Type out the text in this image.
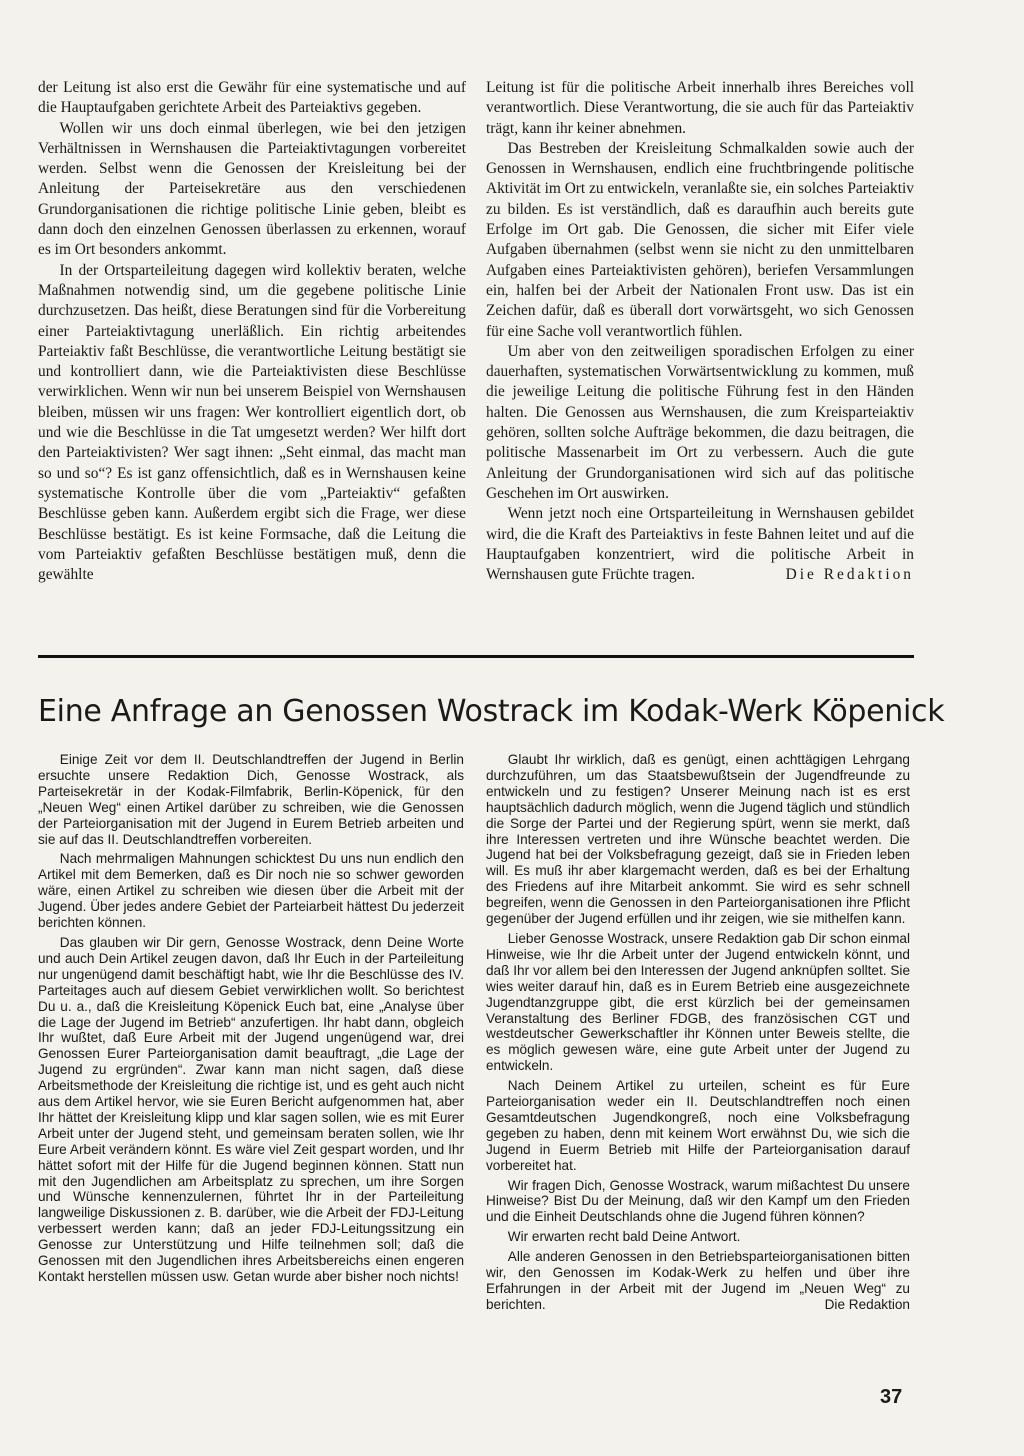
der Leitung ist also erst die Gewähr für eine systematische und auf die Hauptaufgaben gerichtete Arbeit des Parteiaktivs gegeben.

Wollen wir uns doch einmal überlegen, wie bei den jetzigen Verhältnissen in Wernshausen die Parteiaktivtagungen vorbereitet werden. Selbst wenn die Genossen der Kreisleitung bei der Anleitung der Parteisekretäre aus den verschiedenen Grundorganisationen die richtige politische Linie geben, bleibt es dann doch den einzelnen Genossen überlassen zu erkennen, worauf es im Ort besonders ankommt.

In der Ortsparteileitung dagegen wird kollektiv beraten, welche Maßnahmen notwendig sind, um die gegebene politische Linie durchzusetzen. Das heißt, diese Beratungen sind für die Vorbereitung einer Parteiaktivtagung unerläßlich. Ein richtig arbeitendes Parteiaktiv faßt Beschlüsse, die verantwortliche Leitung bestätigt sie und kontrolliert dann, wie die Parteiaktivisten diese Beschlüsse verwirklichen. Wenn wir nun bei unserem Beispiel von Wernshausen bleiben, müssen wir uns fragen: Wer kontrolliert eigentlich dort, ob und wie die Beschlüsse in die Tat umgesetzt werden? Wer hilft dort den Parteiaktivisten? Wer sagt ihnen: „Seht einmal, das macht man so und so“? Es ist ganz offensichtlich, daß es in Wernshausen keine systematische Kontrolle über die vom „Parteiaktiv“ gefaßten Beschlüsse geben kann. Außerdem ergibt sich die Frage, wer diese Beschlüsse bestätigt. Es ist keine Formsache, daß die Leitung die vom Parteiaktiv gefaßten Beschlüsse bestätigen muß, denn die gewählte

Leitung ist für die politische Arbeit innerhalb ihres Bereiches voll verantwortlich. Diese Verantwortung, die sie auch für das Parteiaktiv trägt, kann ihr keiner abnehmen.

Das Bestreben der Kreisleitung Schmalkalden sowie auch der Genossen in Wernshausen, endlich eine fruchtbringende politische Aktivität im Ort zu entwickeln, veranlaßte sie, ein solches Parteiaktiv zu bilden. Es ist verständlich, daß es daraufhin auch bereits gute Erfolge im Ort gab. Die Genossen, die sicher mit Eifer viele Aufgaben übernahmen (selbst wenn sie nicht zu den unmittelbaren Aufgaben eines Parteiaktivisten gehören), beriefen Versammlungen ein, halfen bei der Arbeit der Nationalen Front usw. Das ist ein Zeichen dafür, daß es überall dort vorwärtsgeht, wo sich Genossen für eine Sache voll verantwortlich fühlen.

Um aber von den zeitweiligen sporadischen Erfolgen zu einer dauerhaften, systematischen Vorwärtsentwicklung zu kommen, muß die jeweilige Leitung die politische Führung fest in den Händen halten. Die Genossen aus Wernshausen, die zum Kreisparteiaktiv gehören, sollten solche Aufträge bekommen, die dazu beitragen, die politische Massenarbeit im Ort zu verbessern. Auch die gute Anleitung der Grundorganisationen wird sich auf das politische Geschehen im Ort auswirken.

Wenn jetzt noch eine Ortsparteileitung in Wernshausen gebildet wird, die die Kraft des Parteiaktivs in feste Bahnen leitet und auf die Hauptaufgaben konzentriert, wird die politische Arbeit in Wernshausen gute Früchte tragen.	Die Redaktion

Eine Anfrage an Genossen Wostrack im Kodak-Werk Köpenick

Einige Zeit vor dem II. Deutschlandtreffen der Jugend in Berlin ersuchte unsere Redaktion Dich, Genosse Wostrack, als Parteisekretär in der Kodak-Filmfabrik, Berlin-Köpenick, für den „Neuen Weg“ einen Artikel darüber zu schreiben, wie die Genossen der Parteiorganisation mit der Jugend in Eurem Betrieb arbeiten und sie auf das II. Deutschlandtreffen vorbereiten.

Nach mehrmaligen Mahnungen schicktest Du uns nun endlich den Artikel mit dem Bemerken, daß es Dir noch nie so schwer geworden wäre, einen Artikel zu schreiben wie diesen über die Arbeit mit der Jugend. Über jedes andere Gebiet der Parteiarbeit hättest Du jederzeit berichten können.

Das glauben wir Dir gern, Genosse Wostrack, denn Deine Worte und auch Dein Artikel zeugen davon, daß Ihr Euch in der Parteileitung nur ungenügend damit beschäftigt habt, wie Ihr die Beschlüsse des IV. Parteitages auch auf diesem Gebiet verwirklichen wollt. So berichtest Du u. a., daß die Kreisleitung Köpenick Euch bat, eine „Analyse über die Lage der Jugend im Betrieb“ anzufertigen. Ihr habt dann, obgleich Ihr wußtet, daß Eure Arbeit mit der Jugend ungenügend war, drei Genossen Eurer Parteiorganisation damit beauftragt, „die Lage der Jugend zu ergründen“. Zwar kann man nicht sagen, daß diese Arbeitsmethode der Kreisleitung die richtige ist, und es geht auch nicht aus dem Artikel hervor, wie sie Euren Bericht aufgenommen hat, aber Ihr hättet der Kreisleitung klipp und klar sagen sollen, wie es mit Eurer Arbeit unter der Jugend steht, und gemeinsam beraten sollen, wie Ihr Eure Arbeit verändern könnt. Es wäre viel Zeit gespart worden, und Ihr hättet sofort mit der Hilfe für die Jugend beginnen können. Statt nun mit den Jugendlichen am Arbeitsplatz zu sprechen, um ihre Sorgen und Wünsche kennenzulernen, führtet Ihr in der Parteileitung langweilige Diskussionen z. B. darüber, wie die Arbeit der FDJ-Leitung verbessert werden kann; daß an jeder FDJ-Leitungssitzung ein Genosse zur Unterstützung und Hilfe teilnehmen soll; daß die Genossen mit den Jugendlichen ihres Arbeitsbereichs einen engeren Kontakt herstellen müssen usw. Getan wurde aber bisher noch nichts!

Glaubt Ihr wirklich, daß es genügt, einen achttägigen Lehrgang durchzuführen, um das Staatsbewußtsein der Jugendfreunde zu entwickeln und zu festigen? Unserer Meinung nach ist es erst hauptsächlich dadurch möglich, wenn die Jugend täglich und stündlich die Sorge der Partei und der Regierung spürt, wenn sie merkt, daß ihre Interessen vertreten und ihre Wünsche beachtet werden. Die Jugend hat bei der Volksbefragung gezeigt, daß sie in Frieden leben will. Es muß ihr aber klargemacht werden, daß es bei der Erhaltung des Friedens auf ihre Mitarbeit ankommt. Sie wird es sehr schnell begreifen, wenn die Genossen in den Parteiorganisationen ihre Pflicht gegenüber der Jugend erfüllen und ihr zeigen, wie sie mithelfen kann.

Lieber Genosse Wostrack, unsere Redaktion gab Dir schon einmal Hinweise, wie Ihr die Arbeit unter der Jugend entwickeln könnt, und daß Ihr vor allem bei den Interessen der Jugend anknüpfen solltet. Sie wies weiter darauf hin, daß es in Eurem Betrieb eine ausgezeichnete Jugendtanzgruppe gibt, die erst kürzlich bei der gemeinsamen Veranstaltung des Berliner FDGB, des französischen CGT und westdeutscher Gewerkschaftler ihr Können unter Beweis stellte, die es möglich gewesen wäre, eine gute Arbeit unter der Jugend zu entwickeln.

Nach Deinem Artikel zu urteilen, scheint es für Eure Parteiorganisation weder ein II. Deutschlandtreffen noch einen Gesamtdeutschen Jugendkongreß, noch eine Volksbefragung gegeben zu haben, denn mit keinem Wort erwähnst Du, wie sich die Jugend in Euerm Betrieb mit Hilfe der Parteiorganisation darauf vorbereitet hat.

Wir fragen Dich, Genosse Wostrack, warum mißachtest Du unsere Hinweise? Bist Du der Meinung, daß wir den Kampf um den Frieden und die Einheit Deutschlands ohne die Jugend führen können?

Wir erwarten recht bald Deine Antwort.

Alle anderen Genossen in den Betriebsparteiorganisationen bitten wir, den Genossen im Kodak-Werk zu helfen und über ihre Erfahrungen in der Arbeit mit der Jugend im „Neuen Weg“ zu berichten.	Die Redaktion

37
